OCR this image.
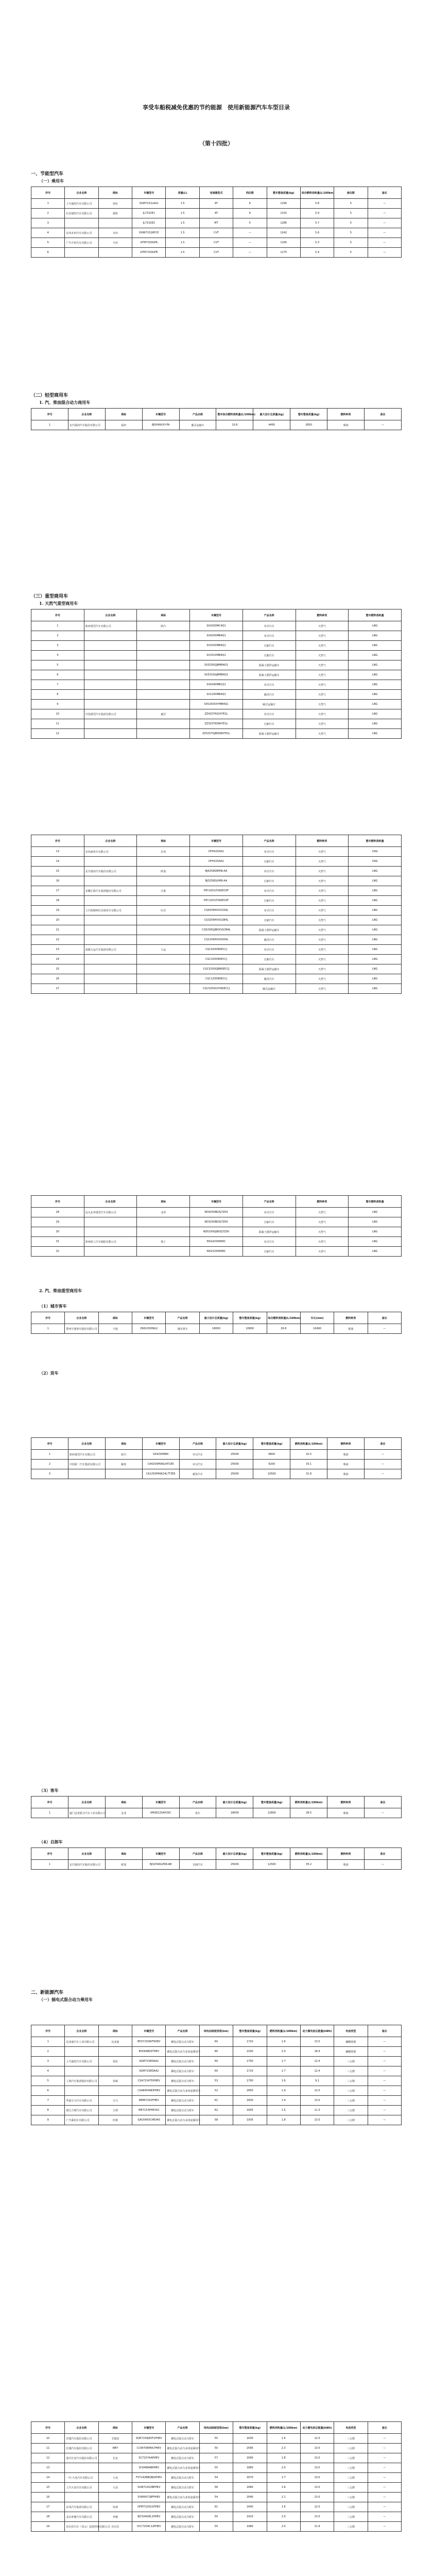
享受车船税减免优惠的节约能源　使用新能源汽车车型目录
（第十四批）
一、节能型汽车
（一）乘用车
序号	企业名称	商标	车辆型号	排量(L)	变速器型式	档位数	整车整备质量(kg)	综合燃料消耗量(L/100km)	座位数	备注
1	上汽通用汽车有限公司	别克	SGM7151LAA1	1.5	AT	6	1290	5.8	5	—
2	长安福特汽车有限公司	福特	JL7152E1	1.5	AT	6	1315	5.9	5	—
3			JL7152E2	1.5	MT	5	1280	5.7	5	—
4	东风本田汽车有限公司	本田	DHW7152RFCE	1.5	CVT	—	1242	5.6	5	—
5	广汽丰田汽车有限公司	丰田	GTM7150GFA	1.5	CVT	—	1165	5.3	5	—
6			GTM7150GFB	1.5	CVT	—	1175	5.4	5	—
（二）轻型商用车
1. 汽、柴油混合动力商用车
序号	企业名称	商标	车辆型号	产品名称	整车综合燃料消耗量(L/100km)	最大设计总质量(kg)	整车整备质量(kg)	燃料种类	备注
1	北汽福田汽车股份有限公司	福田	BJ5049XXY-FA	厢式运输车	10.8	4495	2650	柴油	—
（三）重型商用车
1. 天然气重型商用车
序号	企业名称	商标	车辆型号	产品名称	燃料种类	整车燃料消耗量
1	陕西重型汽车有限公司	陕汽	SX4250MC4Q1	牵引汽车	天然气	LNG
2			SX4250MB4Q1	牵引汽车	天然气	LNG
3			SX3250MB4Q1	自卸汽车	天然气	LNG
4			SX3310MB4Q1	自卸汽车	天然气	LNG
5			SX5250GJBMB4Q1	混凝土搅拌运输车	天然气	LNG
6			SX5310GJBMB4Q1	混凝土搅拌运输车	天然气	LNG
7			SX4180MB1Q1	牵引汽车	天然气	LNG
8			SX1250MB4Q1	载货汽车	天然气	LNG
9			SX5250XXYMB4Q1	厢式运输车	天然气	LNG
10	中国重型汽车集团有限公司	豪沃	ZZ4257N3247E1L	牵引汽车	天然气	LNG
11			ZZ3257N3847E1L	自卸汽车	天然气	LNG
12			ZZ5257GJBN3847E1L	混凝土搅拌运输车	天然气	LNG
序号	企业名称	商标	车辆型号	产品名称	燃料种类	整车燃料消耗量
13	东风商用车有限公司	东风	DFH4250A1	牵引汽车	天然气	CNG
14			DFH3250A1	自卸汽车	天然气	CNG
15	北汽福田汽车股份有限公司	欧曼	BJ4259SNFKB-AA	牵引汽车	天然气	LNG
16			BJ3259DLPKB-AA	自卸汽车	天然气	LNG
17	安徽江淮汽车集团股份有限公司	江淮	HFC4251P1N5E33F	牵引汽车	天然气	LNG
18			HFC3251P1N5E33F	自卸汽车	天然气	LNG
19	上汽依维柯红岩商用车有限公司	红岩	CQ4256HXVG334L	牵引汽车	天然气	LNG
20			CQ3256HXVG384L	自卸汽车	天然气	LNG
21			CQ5256GJBHXVG384L	混凝土搅拌运输车	天然气	LNG
22			CQ1256HXVG504L	载货汽车	天然气	LNG
23	成都大运汽车集团有限公司	大运	CGC4250N5ECCJ	牵引汽车	天然气	LNG
24			CGC3250N5ECCJ	自卸汽车	天然气	LNG
25			CGC5250GJBN5ECCJ	混凝土搅拌运输车	天然气	LNG
26			CGC1250N5ECCJ	载货汽车	天然气	LNG
27			CGC5250XXYN5ECCJ	厢式运输车	天然气	LNG
序号	企业名称	商标	车辆型号	产品名称	燃料种类	整车燃料消耗量
28	包头北奔重型汽车有限公司	北奔	ND4250BG5J7Z00	牵引汽车	天然气	LNG
29			ND3250BG5J7Z00	自卸汽车	天然气	LNG
30			ND5250GJBG5J7Z00	混凝土搅拌运输车	天然气	LNG
31	徐州徐工汽车制造有限公司	徐工	NXG4250N5KC	牵引汽车	天然气	LNG
32			NXG3250N5KC	自卸汽车	天然气	LNG
2. 汽、柴油重型商用车
（1）城市客车
序号	企业名称	商标	车辆型号	产品名称	最大设计总质量(kg)	整车整备质量(kg)	综合燃料消耗量(L/100km)	车长(mm)	燃料种类	备注
1	郑州宇通客车股份有限公司	宇通	ZK6105HNG2	城市客车	18000	10800	29.8	10490	柴油	—
（2）货车
序号	企业名称	商标	车辆型号	产品名称	最大设计总质量(kg)	整车整备质量(kg)	燃料消耗量(L/100km)	燃料种类	备注
1	陕西重型汽车有限公司	陕汽	SX4250MB4	牵引汽车	25000	8800	32.5	柴油	—
2	中国第一汽车集团有限公司	解放	CA4250P66K24T1E5	牵引汽车	25000	9200	33.1	柴油	—
3			CA1250P66K24L7T3E5	载货汽车	25000	10500	31.8	柴油	—
（3）客车
序号	企业名称	商标	车辆型号	产品名称	最大设计总质量(kg)	整车整备质量(kg)	燃料消耗量(L/100km)	燃料种类	备注
1	厦门金龙联合汽车工业有限公司	金龙	XMQ6125AYD5C	客车	18000	12800	26.5	柴油	—
（4）自卸车
序号	企业名称	商标	车辆型号	产品名称	最大设计总质量(kg)	整车整备质量(kg)	燃料消耗量(L/100km)	燃料种类	备注
1	北汽福田汽车股份有限公司	欧曼	BJ3259DLPKB-AB	自卸汽车	25000	12500	35.2	柴油	—
二、新能源汽车
（一）插电式混合动力乘用车
序号	企业名称	商标	车辆型号	产品名称	纯电动续驶里程(km)	整车整备质量(kg)	燃料消耗量(L/100km)	动力蓄电池总能量(kWh)	电池类型	备注
1	比亚迪汽车工业有限公司	比亚迪	BYD7150WT5HEV	插电式混合动力轿车	60	1720	1.6	13.0	磷酸铁锂	—
2			BYD6480STHEV	插电式混合动力多用途乘用车	80	2200	2.0	18.4	磷酸铁锂	—
3	上汽通用汽车有限公司	别克	SGM7158DAA1	插电式混合动力轿车	60	1700	1.7	12.4	三元锂	—
4			SGM7158DAA2	插电式混合动力轿车	60	1710	1.7	12.4	三元锂	—
5	上海汽车集团股份有限公司	荣威	CSA7154TDPHEV	插电式混合动力轿车	53	1700	1.6	9.1	三元锂	—
6			CSA6454NDPHEV	插电式混合动力多用途乘用车	52	1850	1.9	12.0	三元锂	—
7	华晨宝马汽车有限公司	宝马	BMW7202FHEV	插电式混合动力轿车	61	1830	1.9	13.0	三元锂	—
8	浙江吉利汽车有限公司	吉利	MR7153PHEV02	插电式混合动力轿车	62	1605	1.5	11.3	三元锂	—
9	广汽乘用车有限公司	传祺	GAC6450CHEVA5	插电式混合动力多用途乘用车	58	1935	1.8	13.0	三元锂	—
序号	企业名称	商标	车辆型号	产品名称	纯电动续驶里程(km)	整车整备质量(kg)	燃料消耗量(L/100km)	动力蓄电池总能量(kWh)	电池类型	备注
10	奇瑞汽车股份有限公司	艾瑞泽	SQR7150J60T1PHEV	插电式混合动力轿车	55	1630	1.6	12.0	三元锂	—
11	长城汽车股份有限公司	WEY	CC6470RM0CPHEV	插电式混合动力多用途乘用车	50	2095	2.3	13.0	三元锂	—
12	重庆长安汽车股份有限公司	长安	SC7157AAPHEV	插电式混合动力轿车	57	1690	1.8	13.0	三元锂	—
13			SC6468ABPHEV	插电式混合动力多用途乘用车	55	1880	2.0	13.0	三元锂	—
14	一汽-大众汽车有限公司	大众	FV7142BBQBGPHEV	插电式混合动力轿车	54	1670	1.7	13.0	三元锂	—
15	上汽大众汽车有限公司	大众	SVW71410BPHEV	插电式混合动力轿车	56	1680	1.6	13.0	三元锂	—
16			SVW6471BFPHEV	插电式混合动力多用途乘用车	54	2040	2.1	13.0	三元锂	—
17	东风汽车集团有限公司	风神	DFM7150G1PHEV	插电式混合动力轿车	61	1640	1.6	12.0	三元锂	—
18	北京奔驰汽车有限公司	奔驰	BJ7204GEL1PHEV	插电式混合动力轿车	50	1910	2.0	13.5	三元锂	—
19	沃尔沃汽车（亚太）投资控股有限公司	沃尔沃	VCC7204C12PHEV	插电式混合动力轿车	50	1980	2.0	11.6	三元锂	—
